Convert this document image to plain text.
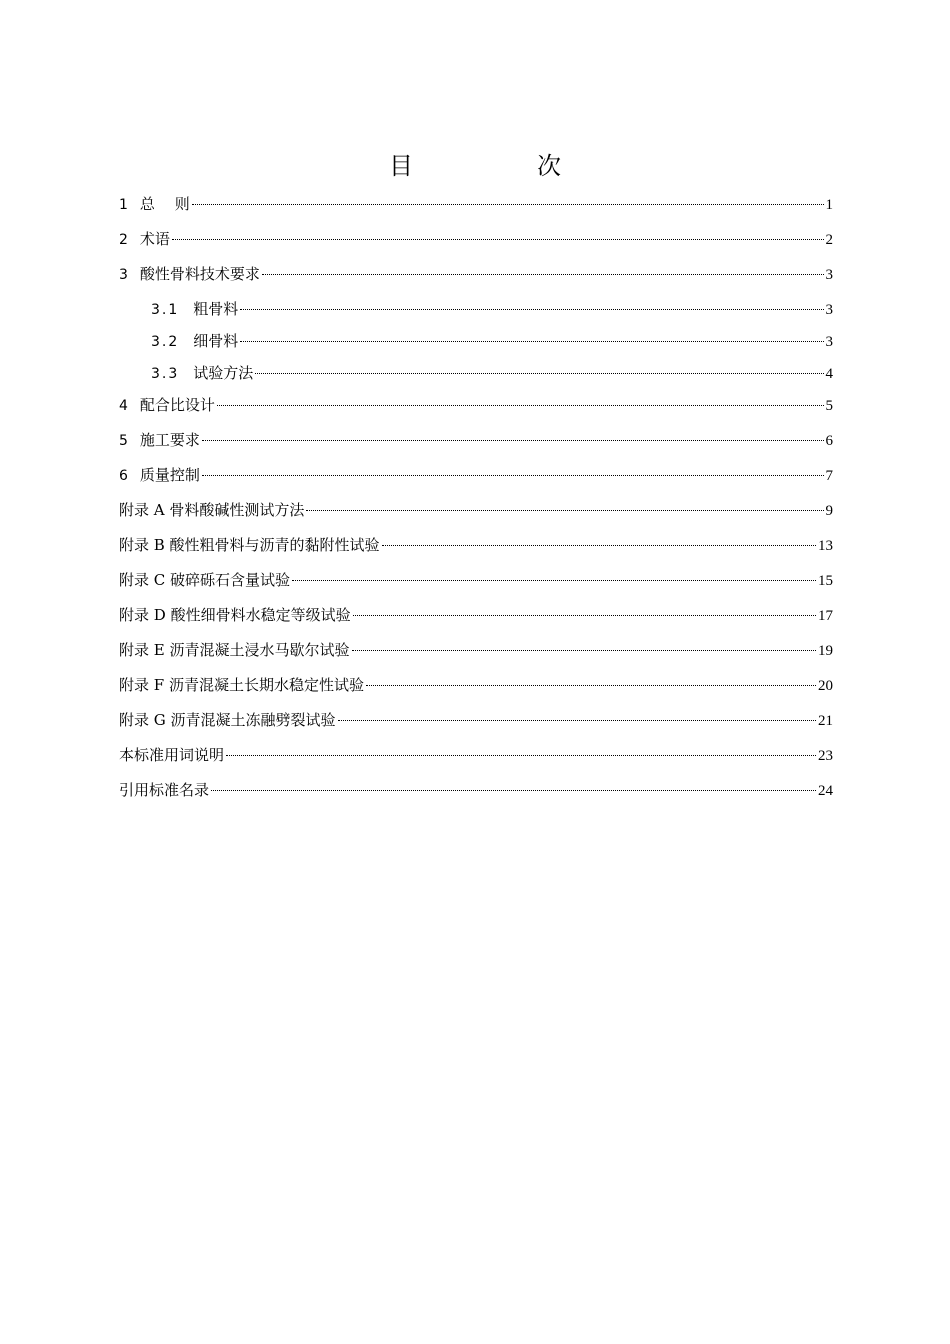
目　次
1 总　 则	1
2 术语	2
3 酸性骨料技术要求	3
3.1 粗骨料	3
3.2 细骨料	3
3.3 试验方法	4
4 配合比设计	5
5 施工要求	6
6 质量控制	7
附录 A 骨料酸碱性测试方法	9
附录 B 酸性粗骨料与沥青的黏附性试验	13
附录 C 破碎砾石含量试验	15
附录 D 酸性细骨料水稳定等级试验	17
附录 E 沥青混凝土浸水马歇尔试验	19
附录 F 沥青混凝土长期水稳定性试验	20
附录 G 沥青混凝土冻融劈裂试验	21
本标准用词说明	23
引用标准名录	24
